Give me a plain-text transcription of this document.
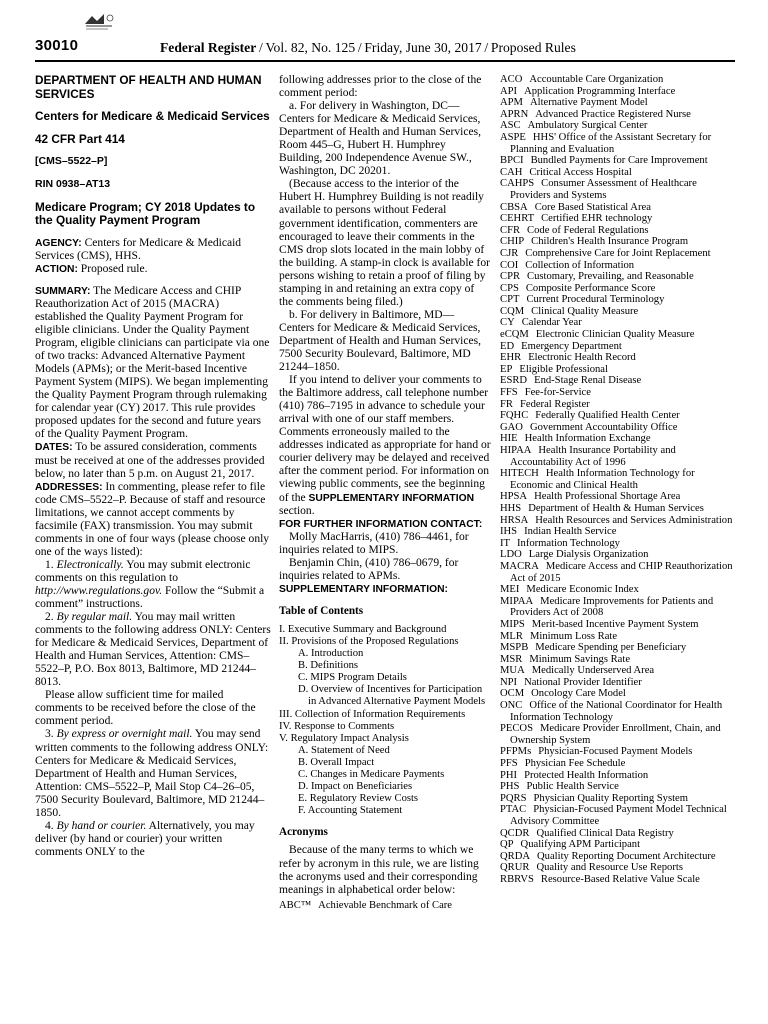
30010	Federal Register / Vol. 82, No. 125 / Friday, June 30, 2017 / Proposed Rules
DEPARTMENT OF HEALTH AND HUMAN SERVICES
Centers for Medicare & Medicaid Services
42 CFR Part 414
[CMS–5522–P]
RIN 0938–AT13
Medicare Program; CY 2018 Updates to the Quality Payment Program

AGENCY: Centers for Medicare & Medicaid Services (CMS), HHS.

ACTION: Proposed rule.

SUMMARY: The Medicare Access and CHIP Reauthorization Act of 2015 (MACRA) established the Quality Payment Program for eligible clinicians. Under the Quality Payment Program, eligible clinicians can participate via one of two tracks: Advanced Alternative Payment Models (APMs); or the Merit-based Incentive Payment System (MIPS). We began implementing the Quality Payment Program through rulemaking for calendar year (CY) 2017. This rule provides proposed updates for the second and future years of the Quality Payment Program.

DATES: To be assured consideration, comments must be received at one of the addresses provided below, no later than 5 p.m. on August 21, 2017.

ADDRESSES: In commenting, please refer to file code CMS–5522–P. Because of staff and resource limitations, we cannot accept comments by facsimile (FAX) transmission. You may submit comments in one of four ways (please choose only one of the ways listed):

1. Electronically. You may submit electronic comments on this regulation to http://www.regulations.gov. Follow the “Submit a comment” instructions.

2. By regular mail. You may mail written comments to the following address ONLY: Centers for Medicare & Medicaid Services, Department of Health and Human Services, Attention: CMS–5522–P, P.O. Box 8013, Baltimore, MD 21244–8013.

Please allow sufficient time for mailed comments to be received before the close of the comment period.

3. By express or overnight mail. You may send written comments to the following address ONLY: Centers for Medicare & Medicaid Services, Department of Health and Human Services, Attention: CMS–5522–P, Mail Stop C4–26–05, 7500 Security Boulevard, Baltimore, MD 21244–1850.

4. By hand or courier. Alternatively, you may deliver (by hand or courier) your written comments ONLY to the

following addresses prior to the close of the comment period:

a. For delivery in Washington, DC— Centers for Medicare & Medicaid Services, Department of Health and Human Services, Room 445–G, Hubert H. Humphrey Building, 200 Independence Avenue SW., Washington, DC 20201.

(Because access to the interior of the Hubert H. Humphrey Building is not readily available to persons without Federal government identification, commenters are encouraged to leave their comments in the CMS drop slots located in the main lobby of the building. A stamp-in clock is available for persons wishing to retain a proof of filing by stamping in and retaining an extra copy of the comments being filed.)

b. For delivery in Baltimore, MD— Centers for Medicare & Medicaid Services, Department of Health and Human Services, 7500 Security Boulevard, Baltimore, MD 21244–1850.

If you intend to deliver your comments to the Baltimore address, call telephone number (410) 786–7195 in advance to schedule your arrival with one of our staff members. Comments erroneously mailed to the addresses indicated as appropriate for hand or courier delivery may be delayed and received after the comment period. For information on viewing public comments, see the beginning of the SUPPLEMENTARY INFORMATION section.

FOR FURTHER INFORMATION CONTACT:

Molly MacHarris, (410) 786–4461, for inquiries related to MIPS.

Benjamin Chin, (410) 786–0679, for inquiries related to APMs.

SUPPLEMENTARY INFORMATION:

Table of Contents

I. Executive Summary and Background
II. Provisions of the Proposed Regulations
A. Introduction
B. Definitions
C. MIPS Program Details
D. Overview of Incentives for Participation in Advanced Alternative Payment Models
III. Collection of Information Requirements
IV. Response to Comments
V. Regulatory Impact Analysis
A. Statement of Need
B. Overall Impact
C. Changes in Medicare Payments
D. Impact on Beneficiaries
E. Regulatory Review Costs
F. Accounting Statement

Acronyms

Because of the many terms to which we refer by acronym in this rule, we are listing the acronyms used and their corresponding meanings in alphabetical order below:

ABC™ Achievable Benchmark of Care
ACO Accountable Care Organization
API Application Programming Interface
APM Alternative Payment Model
APRN Advanced Practice Registered Nurse
ASC Ambulatory Surgical Center
ASPE HHS' Office of the Assistant Secretary for Planning and Evaluation
BPCI Bundled Payments for Care Improvement
CAH Critical Access Hospital
CAHPS Consumer Assessment of Healthcare Providers and Systems
CBSA Core Based Statistical Area
CEHRT Certified EHR technology
CFR Code of Federal Regulations
CHIP Children's Health Insurance Program
CJR Comprehensive Care for Joint Replacement
COI Collection of Information
CPR Customary, Prevailing, and Reasonable
CPS Composite Performance Score
CPT Current Procedural Terminology
CQM Clinical Quality Measure
CY Calendar Year
eCQM Electronic Clinician Quality Measure
ED Emergency Department
EHR Electronic Health Record
EP Eligible Professional
ESRD End-Stage Renal Disease
FFS Fee-for-Service
FR Federal Register
FQHC Federally Qualified Health Center
GAO Government Accountability Office
HIE Health Information Exchange
HIPAA Health Insurance Portability and Accountability Act of 1996
HITECH Health Information Technology for Economic and Clinical Health
HPSA Health Professional Shortage Area
HHS Department of Health & Human Services
HRSA Health Resources and Services Administration
IHS Indian Health Service
IT Information Technology
LDO Large Dialysis Organization
MACRA Medicare Access and CHIP Reauthorization Act of 2015
MEI Medicare Economic Index
MIPAA Medicare Improvements for Patients and Providers Act of 2008
MIPS Merit-based Incentive Payment System
MLR Minimum Loss Rate
MSPB Medicare Spending per Beneficiary
MSR Minimum Savings Rate
MUA Medically Underserved Area
NPI National Provider Identifier
OCM Oncology Care Model
ONC Office of the National Coordinator for Health Information Technology
PECOS Medicare Provider Enrollment, Chain, and Ownership System
PFPMs Physician-Focused Payment Models
PFS Physician Fee Schedule
PHI Protected Health Information
PHS Public Health Service
PQRS Physician Quality Reporting System
PTAC Physician-Focused Payment Model Technical Advisory Committee
QCDR Qualified Clinical Data Registry
QP Qualifying APM Participant
QRDA Quality Reporting Document Architecture
QRUR Quality and Resource Use Reports
RBRVS Resource-Based Relative Value Scale
